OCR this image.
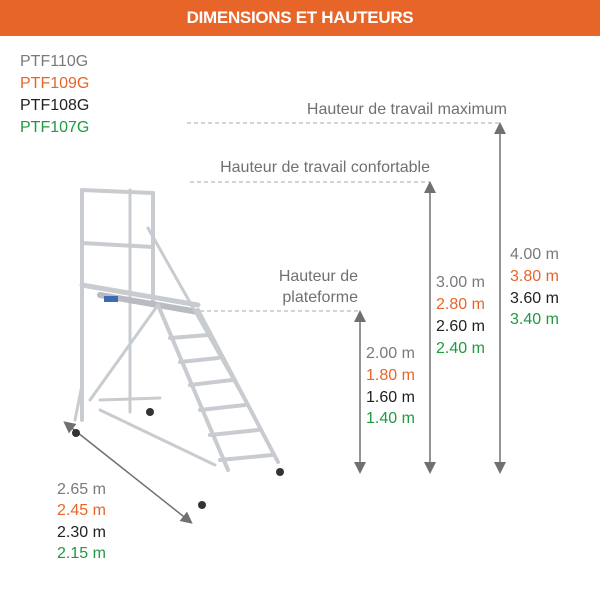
DIMENSIONS ET HAUTEURS
PTF110G
PTF109G
PTF108G
PTF107G
Hauteur de travail maximum
Hauteur de travail confortable
Hauteur de
plateforme
2.00 m
1.80 m
1.60 m
1.40 m
3.00 m
2.80 m
2.60 m
2.40 m
4.00 m
3.80 m
3.60 m
3.40 m
2.65 m
2.45 m
2.30 m
2.15 m
